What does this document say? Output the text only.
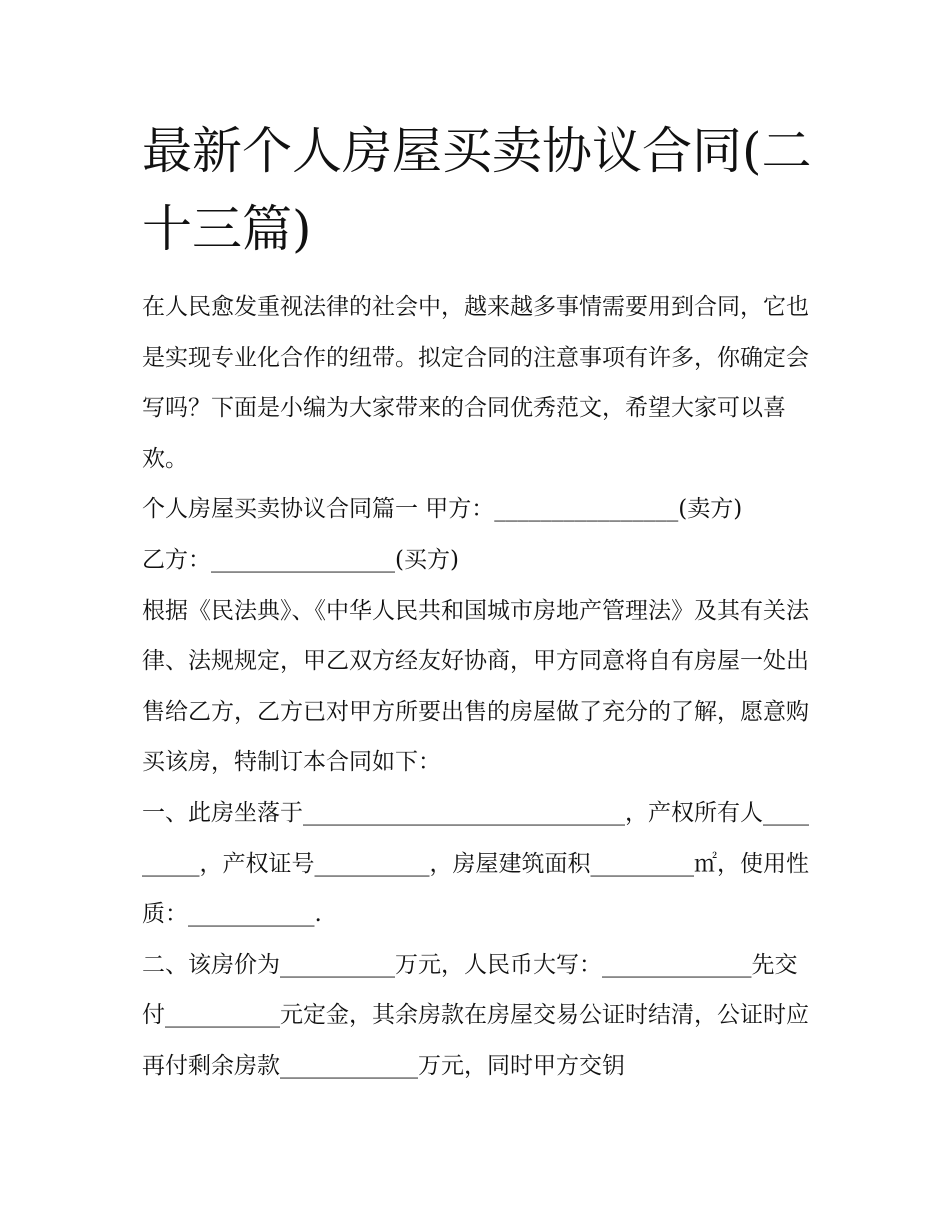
最新个人房屋买卖协议合同(二十三篇)

在人民愈发重视法律的社会中，越来越多事情需要用到合同，它也是实现专业化合作的纽带。拟定合同的注意事项有许多，你确定会写吗？下面是小编为大家带来的合同优秀范文，希望大家可以喜欢。

个人房屋买卖协议合同篇一 甲方：________________(卖方)

乙方：________________(买方)

根据《民法典》、《中华人民共和国城市房地产管理法》及其有关法律、法规规定，甲乙双方经友好协商，甲方同意将自有房屋一处出售给乙方，乙方已对甲方所要出售的房屋做了充分的了解，愿意购买该房，特制订本合同如下：

一、此房坐落于____________________________，产权所有人_________，产权证号__________，房屋建筑面积_________㎡，使用性质：___________.

二、该房价为__________万元，人民币大写：_____________先交付__________元定金，其余房款在房屋交易公证时结清，公证时应再付剩余房款____________万元，同时甲方交钥
